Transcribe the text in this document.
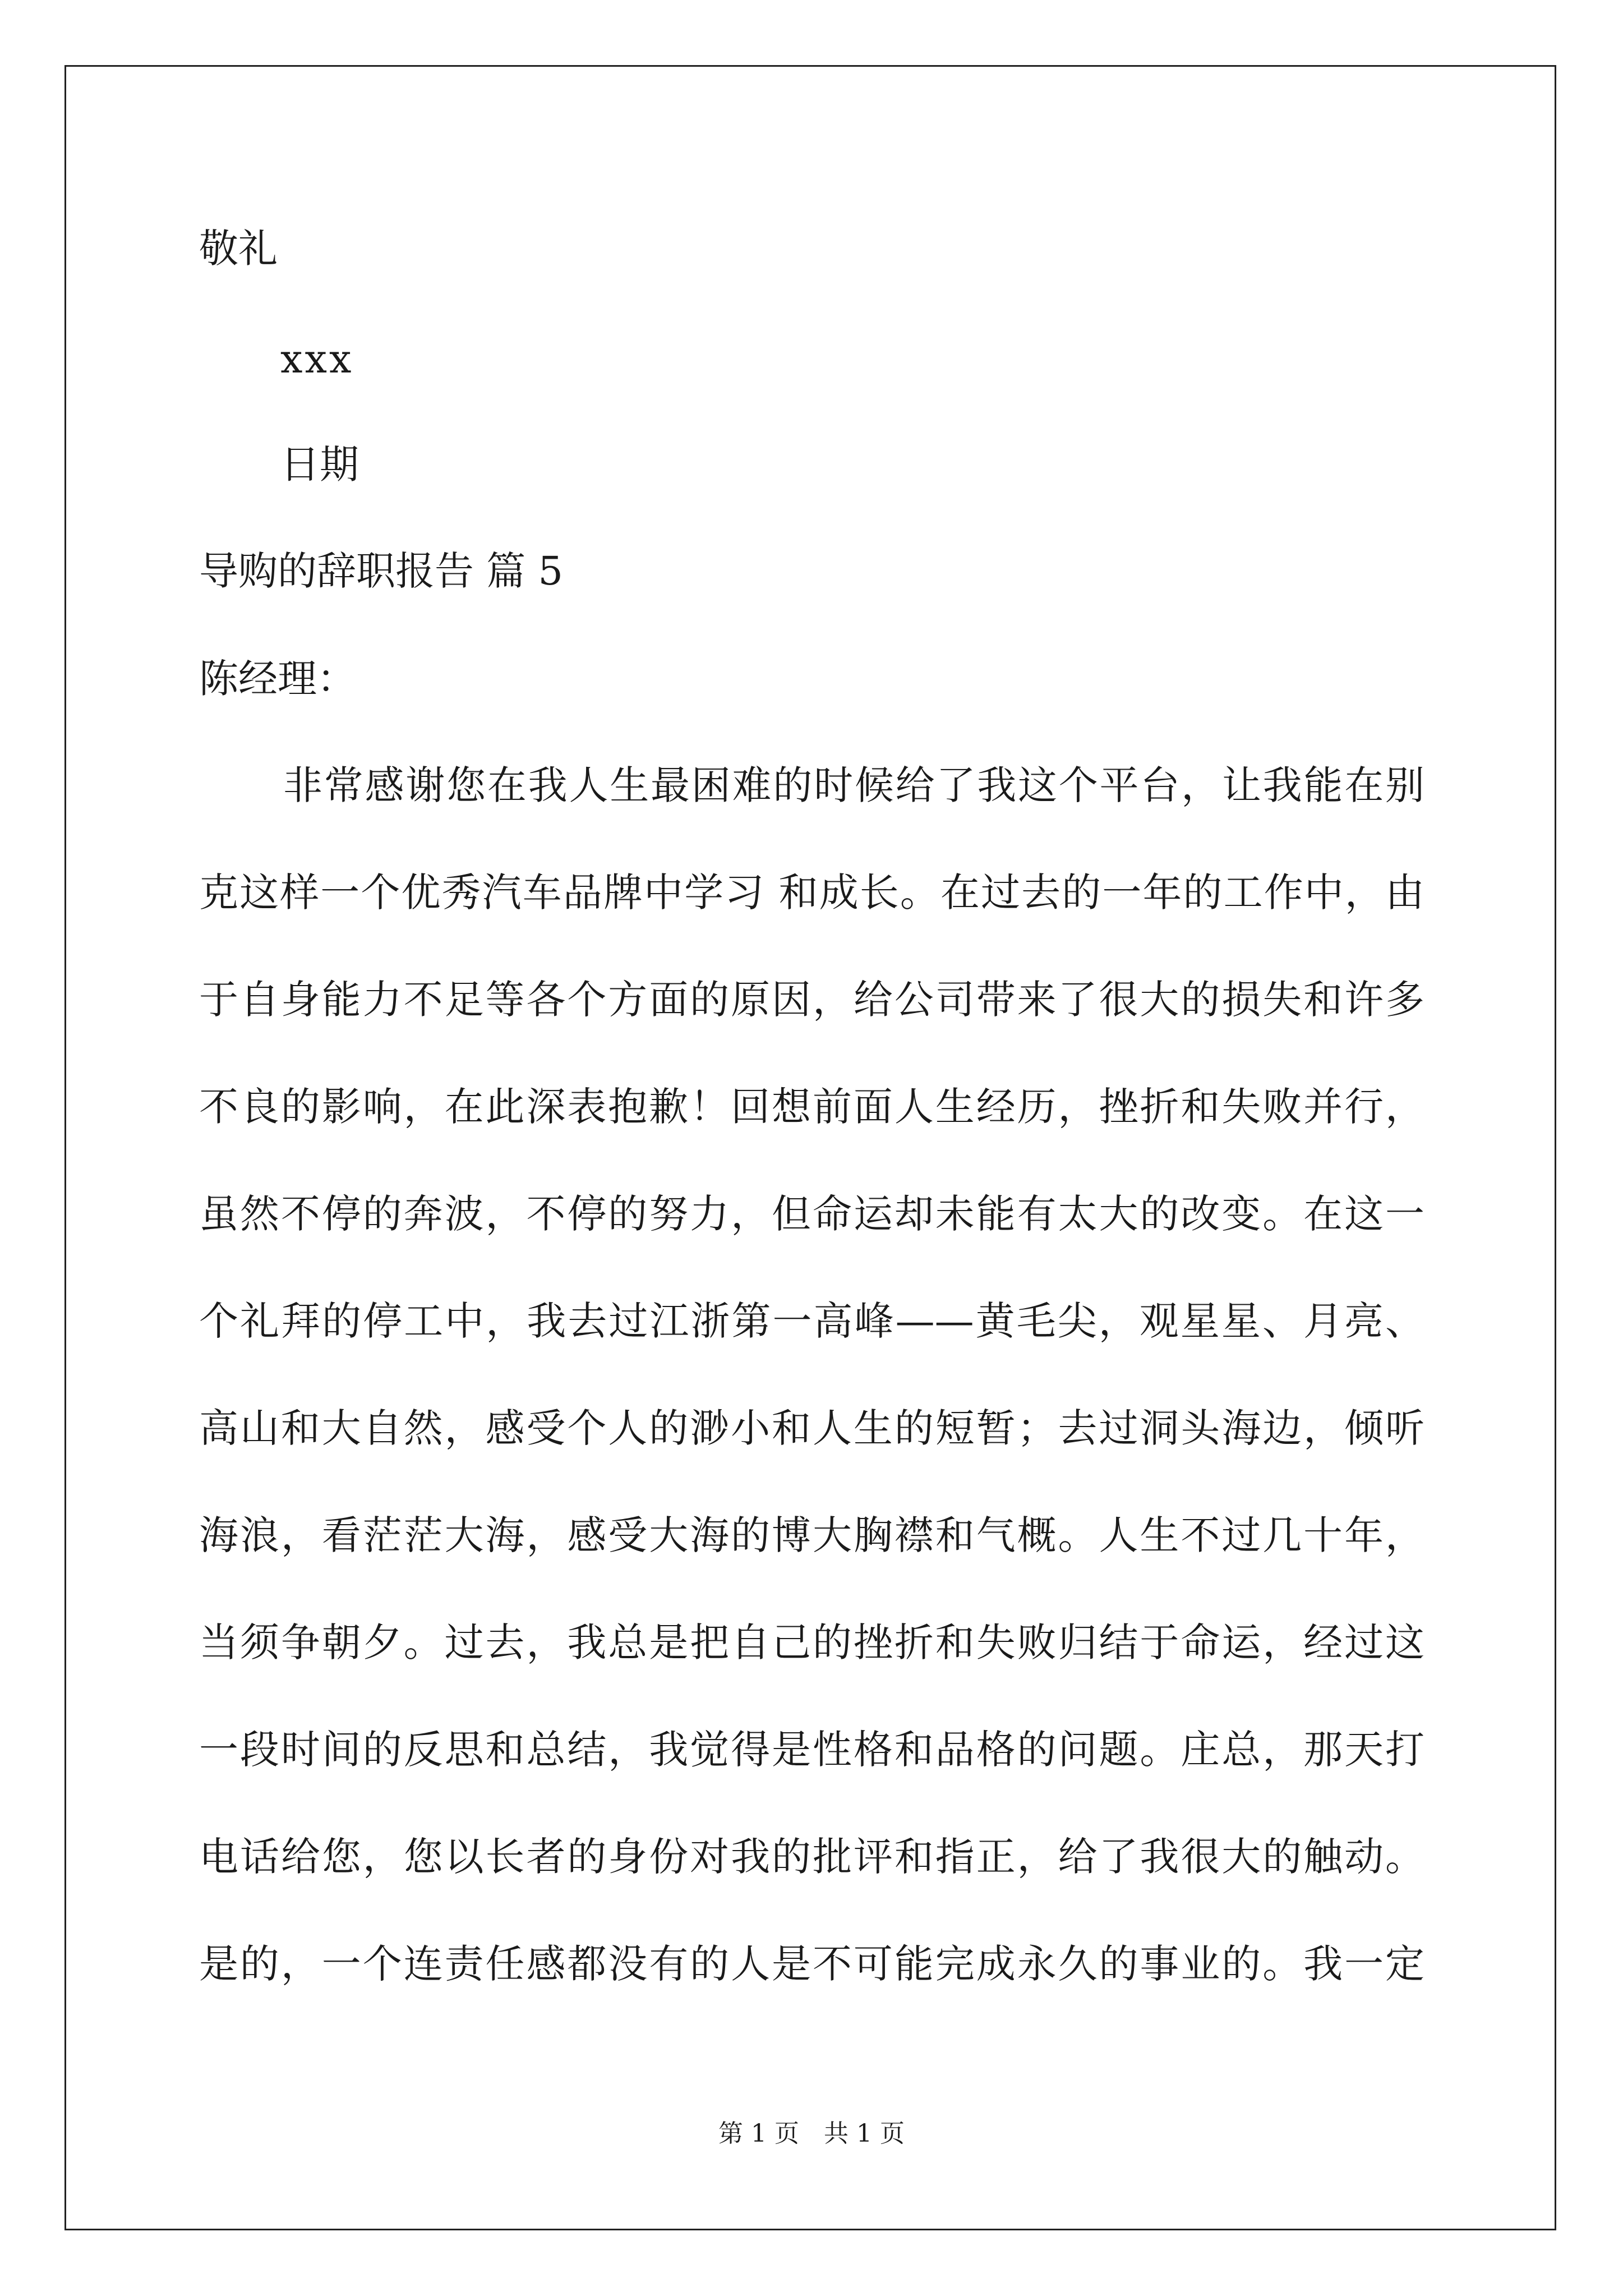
敬礼

xxx

日期

导购的辞职报告 篇 5

陈经理：

非常感谢您在我人生最困难的时候给了我这个平台，让我能在别
克这样一个优秀汽车品牌中学习 和成长。在过去的一年的工作中，由
于自身能力不足等各个方面的原因，给公司带来了很大的损失和许多
不良的影响，在此深表抱歉！回想前面人生经历，挫折和失败并行，
虽然不停的奔波，不停的努力，但命运却未能有太大的改变。在这一
个礼拜的停工中，我去过江浙第一高峰——黄毛尖，观星星、月亮、
高山和大自然，感受个人的渺小和人生的短暂；去过洞头海边，倾听
海浪，看茫茫大海，感受大海的博大胸襟和气概。人生不过几十年，
当须争朝夕。过去，我总是把自己的挫折和失败归结于命运，经过这
一段时间的反思和总结，我觉得是性格和品格的问题。庄总，那天打
电话给您，您以长者的身份对我的批评和指正，给了我很大的触动。
是的，一个连责任感都没有的人是不可能完成永久的事业的。我一定

第 1 页　共 1 页
